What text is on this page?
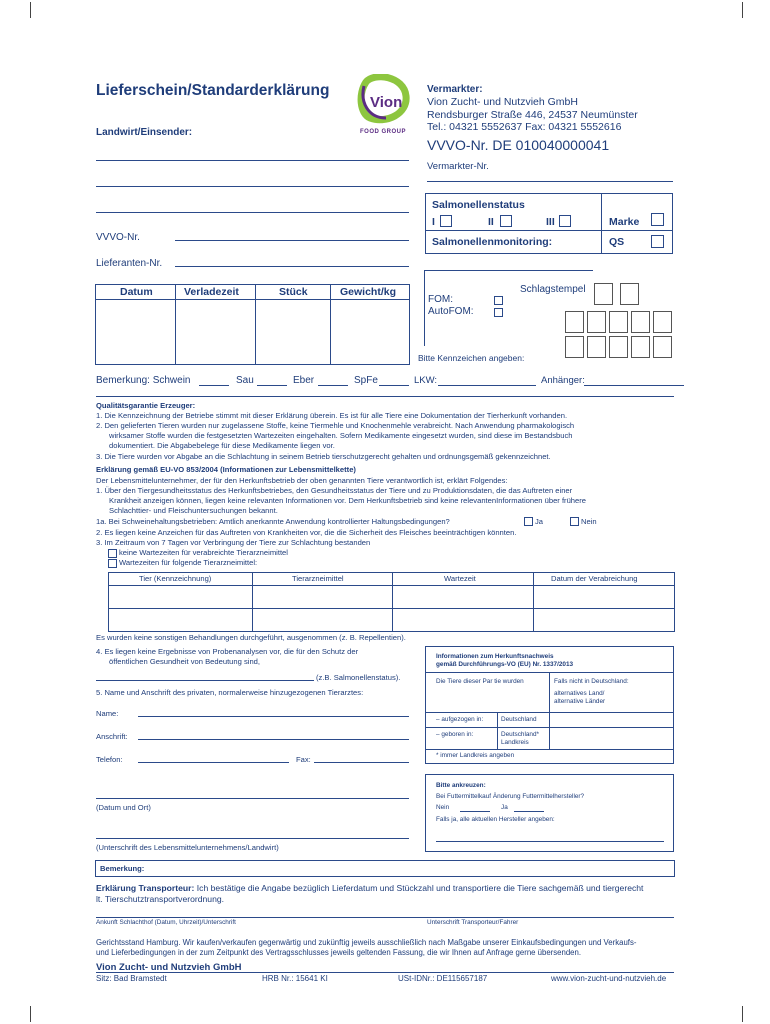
Lieferschein/Standarderklärung
Landwirt/Einsender:
Vion
FOOD GROUP
Vermarkter:
Vion Zucht- und Nutzvieh GmbH
Rendsburger Straße 446, 24537 Neumünster
Tel.: 04321 5552637 Fax: 04321 5552616
VVVO-Nr. DE 010040000041
Vermarkter-Nr.
VVVO-Nr.
Lieferanten-Nr.
Salmonellenstatus
I	II	III	Marke
Salmonellenmonitoring:	QS
Datum	Verladezeit	Stück	Gewicht/kg	Schlagstempel
FOM:
AutoFOM:
Bitte Kennzeichen angeben:
Bemerkung: Schwein	Sau	Eber	SpFe	LKW:	Anhänger:
Qualitätsgarantie Erzeuger:
1. Die Kennzeichnung der Betriebe stimmt mit dieser Erklärung überein. Es ist für alle Tiere eine Dokumentation der Tierherkunft vorhanden.
2. Den gelieferten Tieren wurden nur zugelassene Stoffe, keine Tiermehle und Knochenmehle verabreicht. Nach Anwendung pharmakologisch
wirksamer Stoffe wurden die festgesetzten Wartezeiten eingehalten. Sofern Medikamente eingesetzt wurden, sind diese im Bestandsbuch
dokumentiert. Die Abgabebelege für diese Medikamente liegen vor.
3. Die Tiere wurden vor Abgabe an die Schlachtung in seinem Betrieb tierschutzgerecht gehalten und ordnungsgemäß gekennzeichnet.
Erklärung gemäß EU-VO 853/2004 (Informationen zur Lebensmittelkette)
Der Lebensmittelunternehmer, der für den Herkunftsbetrieb der oben genannten Tiere verantwortlich ist, erklärt Folgendes:
1. Über den Tiergesundheitsstatus des Herkunftsbetriebes, den Gesundheitsstatus der Tiere und zu Produktionsdaten, die das Auftreten einer
Krankheit anzeigen können, liegen keine relevanten Informationen vor. Dem Herkunftsbetrieb sind keine relevantenInformationen über frühere
Schlachttier- und Fleischuntersuchungen bekannt.
1a. Bei Schweinehaltungsbetrieben: Amtlich anerkannte Anwendung kontrollierter Haltungsbedingungen?	Ja	Nein
2. Es liegen keine Anzeichen für das Auftreten von Krankheiten vor, die die Sicherheit des Fleisches beeinträchtigen könnten.
3. Im Zeitraum von 7 Tagen vor Verbringung der Tiere zur Schlachtung bestanden
keine Wartezeiten für verabreichte Tierarzneimittel
Wartezeiten für folgende Tierarzneimittel:
Tier (Kennzeichnung)	Tierarzneimittel	Wartezeit	Datum der Verabreichung
Es wurden keine sonstigen Behandlungen durchgeführt, ausgenommen (z. B. Repellentien).
4. Es liegen keine Ergebnisse von Probenanalysen vor, die für den Schutz der
öffentlichen Gesundheit von Bedeutung sind,
(z.B. Salmonellenstatus).
5. Name und Anschrift des privaten, normalerweise hinzugezogenen Tierarztes:
Name:
Anschrift:
Telefon:	Fax:
(Datum und Ort)
(Unterschrift des Lebensmittelunternehmens/Landwirt)
Informationen zum Herkunftsnachweis
gemäß Durchführungs-VO (EU) Nr. 1337/2013
Die Tiere dieser Par tie wurden	Falls nicht in Deutschland:
alternatives Land/
alternative Länder
– aufgezogen in:	Deutschland
– geboren in:	Deutschland*
Landkreis
* immer Landkreis angeben
Bitte ankreuzen:
Bei Futtermittelkauf Änderung Futtermittelhersteller?
Nein	Ja
Falls ja, alle aktuellen Hersteller angeben:
Bemerkung:
Erklärung Transporteur: Ich bestätige die Angabe bezüglich Lieferdatum und Stückzahl und transportiere die Tiere sachgemäß und tiergerecht
lt. Tierschutztransportverordnung.
Ankunft Schlachthof (Datum, Uhrzeit)/Unterschrift	Unterschrift Transporteur/Fahrer
Gerichtsstand Hamburg. Wir kaufen/verkaufen gegenwärtig und zukünftig jeweils ausschließlich nach Maßgabe unserer Einkaufsbedingungen und Verkaufs-
und Lieferbedingungen in der zum Zeitpunkt des Vertragsschlusses jeweils geltenden Fassung, die wir Ihnen auf Anfrage gerne übersenden.
Vion Zucht- und Nutzvieh GmbH
Sitz: Bad Bramstedt	HRB Nr.: 15641 KI	USt-IDNr.: DE115657187	www.vion-zucht-und-nutzvieh.de
